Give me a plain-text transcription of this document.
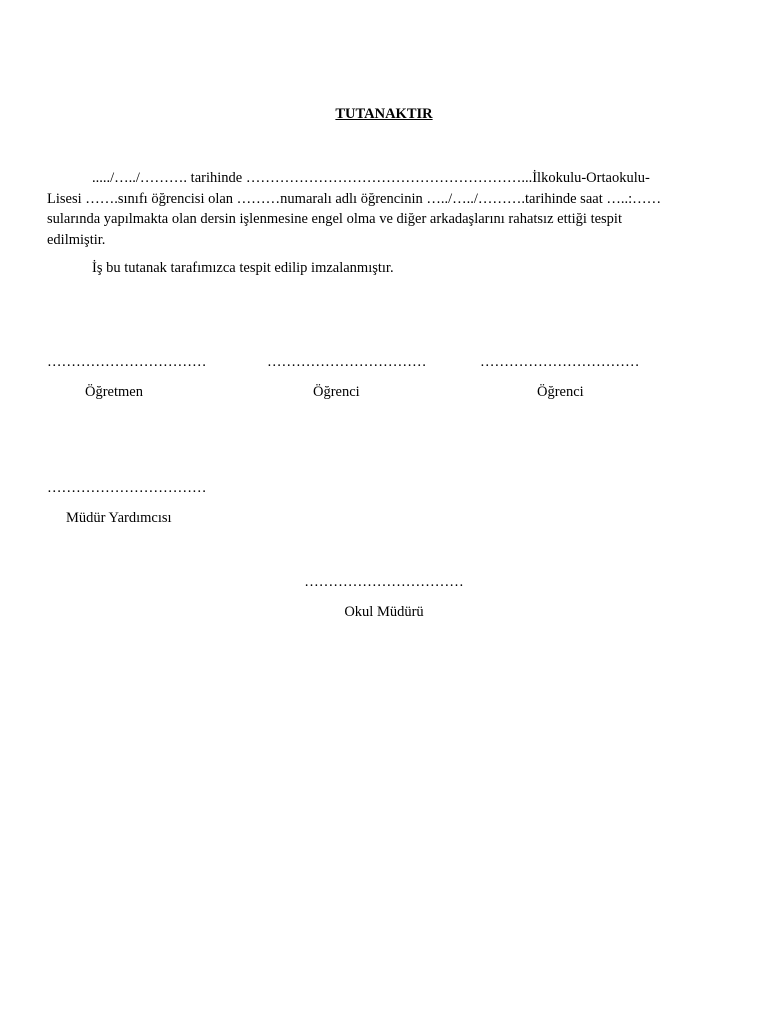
TUTANAKTIR
...../…../………. tarihinde …………………………………………………...İlkokulu-Ortaokulu-
Lisesi …….sınıfı öğrencisi olan ………numaralı adlı öğrencinin …../…../……….tarihinde saat …..:……
sularında yapılmakta olan dersin işlenmesine engel olma ve diğer arkadaşlarını rahatsız ettiği tespit
edilmiştir.
İş bu tutanak tarafımızca tespit edilip imzalanmıştır.
……………………………
Öğretmen
……………………………
Öğrenci
……………………………
Öğrenci
……………………………
Müdür Yardımcısı
……………………………
Okul Müdürü
